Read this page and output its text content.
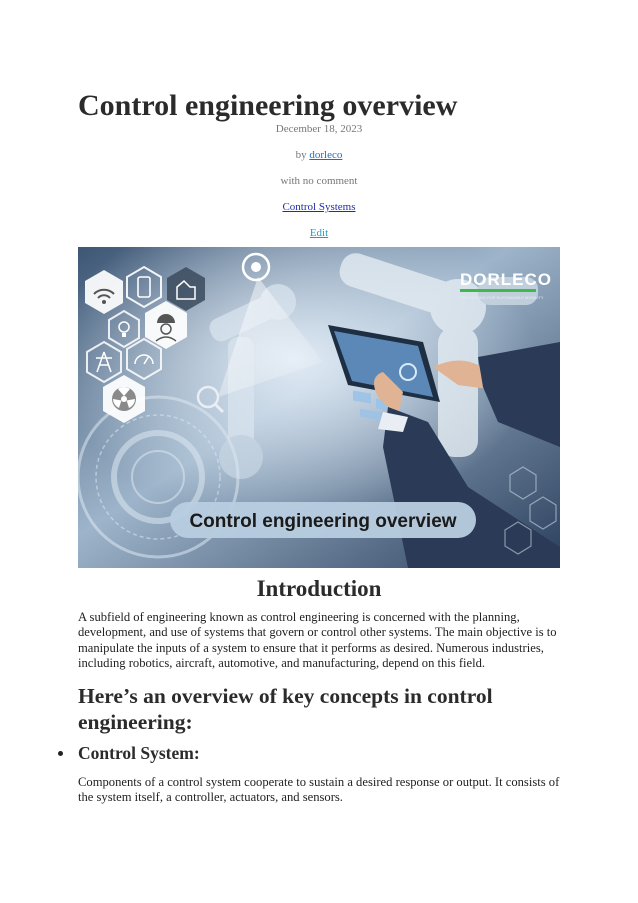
Control engineering overview
December 18, 2023
by dorleco
with no comment
Control Systems
Edit
DORLECO
PARTNERING FOR SUSTAINABLE MOBILITY
Control engineering overview
Introduction

A subfield of engineering known as control engineering is concerned with the planning, development, and use of systems that govern or control other systems. The main objective is to manipulate the inputs of a system to ensure that it performs as desired. Numerous industries, including robotics, aircraft, automotive, and manufacturing, depend on this field.

Here’s an overview of key concepts in control engineering:
Control System:

Components of a control system cooperate to sustain a desired response or output. It consists of the system itself, a controller, actuators, and sensors.
